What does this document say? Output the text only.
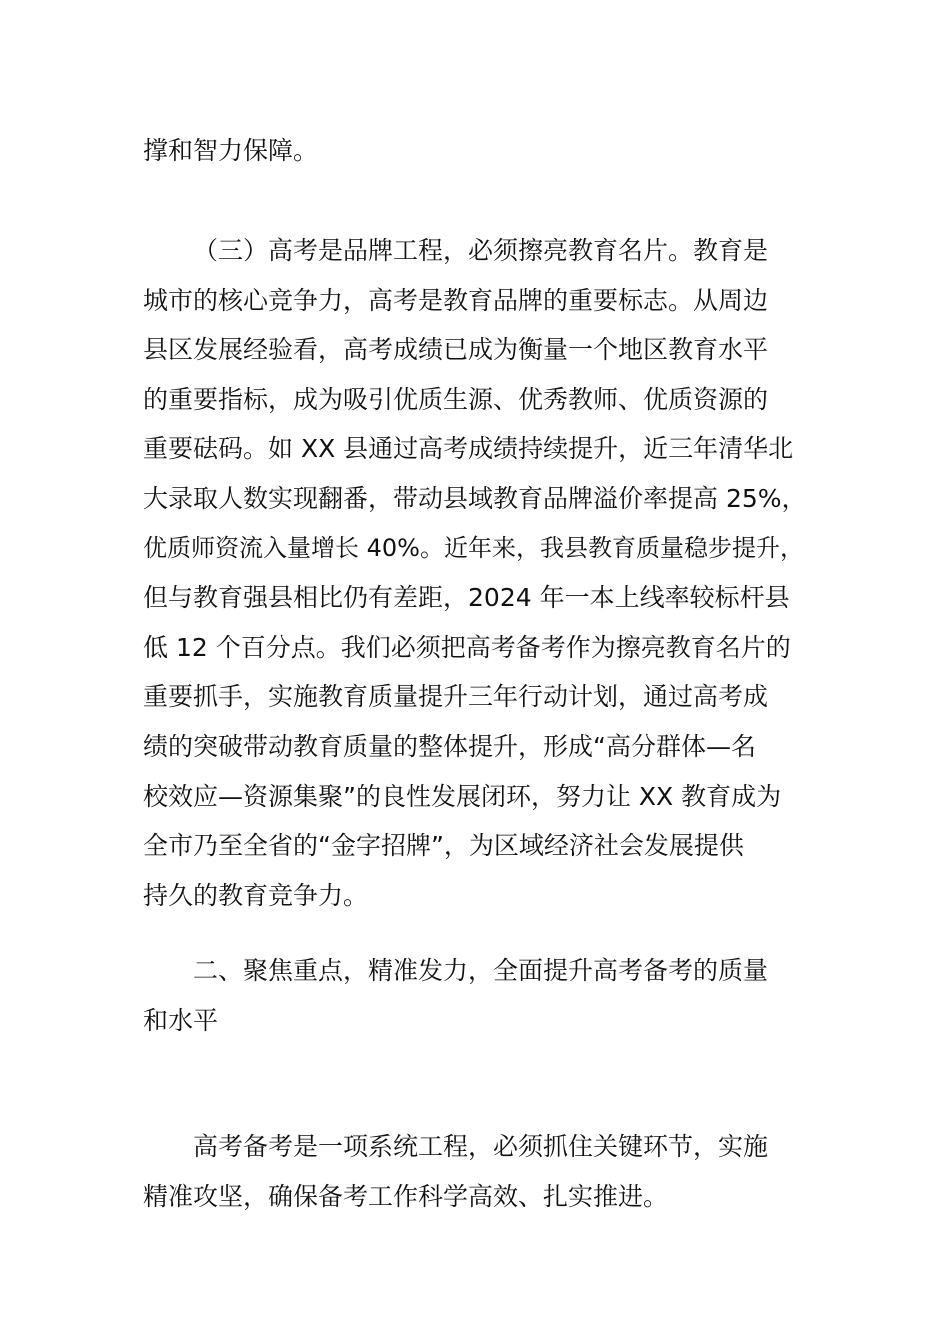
撑和智力保障。

（三）高考是品牌工程，必须擦亮教育名片。教育是
城市的核心竞争力，高考是教育品牌的重要标志。从周边
县区发展经验看，高考成绩已成为衡量一个地区教育水平
的重要指标，成为吸引优质生源、优秀教师、优质资源的
重要砝码。如 XX 县通过高考成绩持续提升，近三年清华北
大录取人数实现翻番，带动县域教育品牌溢价率提高 25%，
优质师资流入量增长 40%。近年来，我县教育质量稳步提升，
但与教育强县相比仍有差距，2024 年一本上线率较标杆县
低 12 个百分点。我们必须把高考备考作为擦亮教育名片的
重要抓手，实施教育质量提升三年行动计划，通过高考成
绩的突破带动教育质量的整体提升，形成“高分群体—名
校效应—资源集聚”的良性发展闭环，努力让 XX 教育成为
全市乃至全省的“金字招牌”，为区域经济社会发展提供
持久的教育竞争力。

二、聚焦重点，精准发力，全面提升高考备考的质量
和水平

高考备考是一项系统工程，必须抓住关键环节，实施
精准攻坚，确保备考工作科学高效、扎实推进。
